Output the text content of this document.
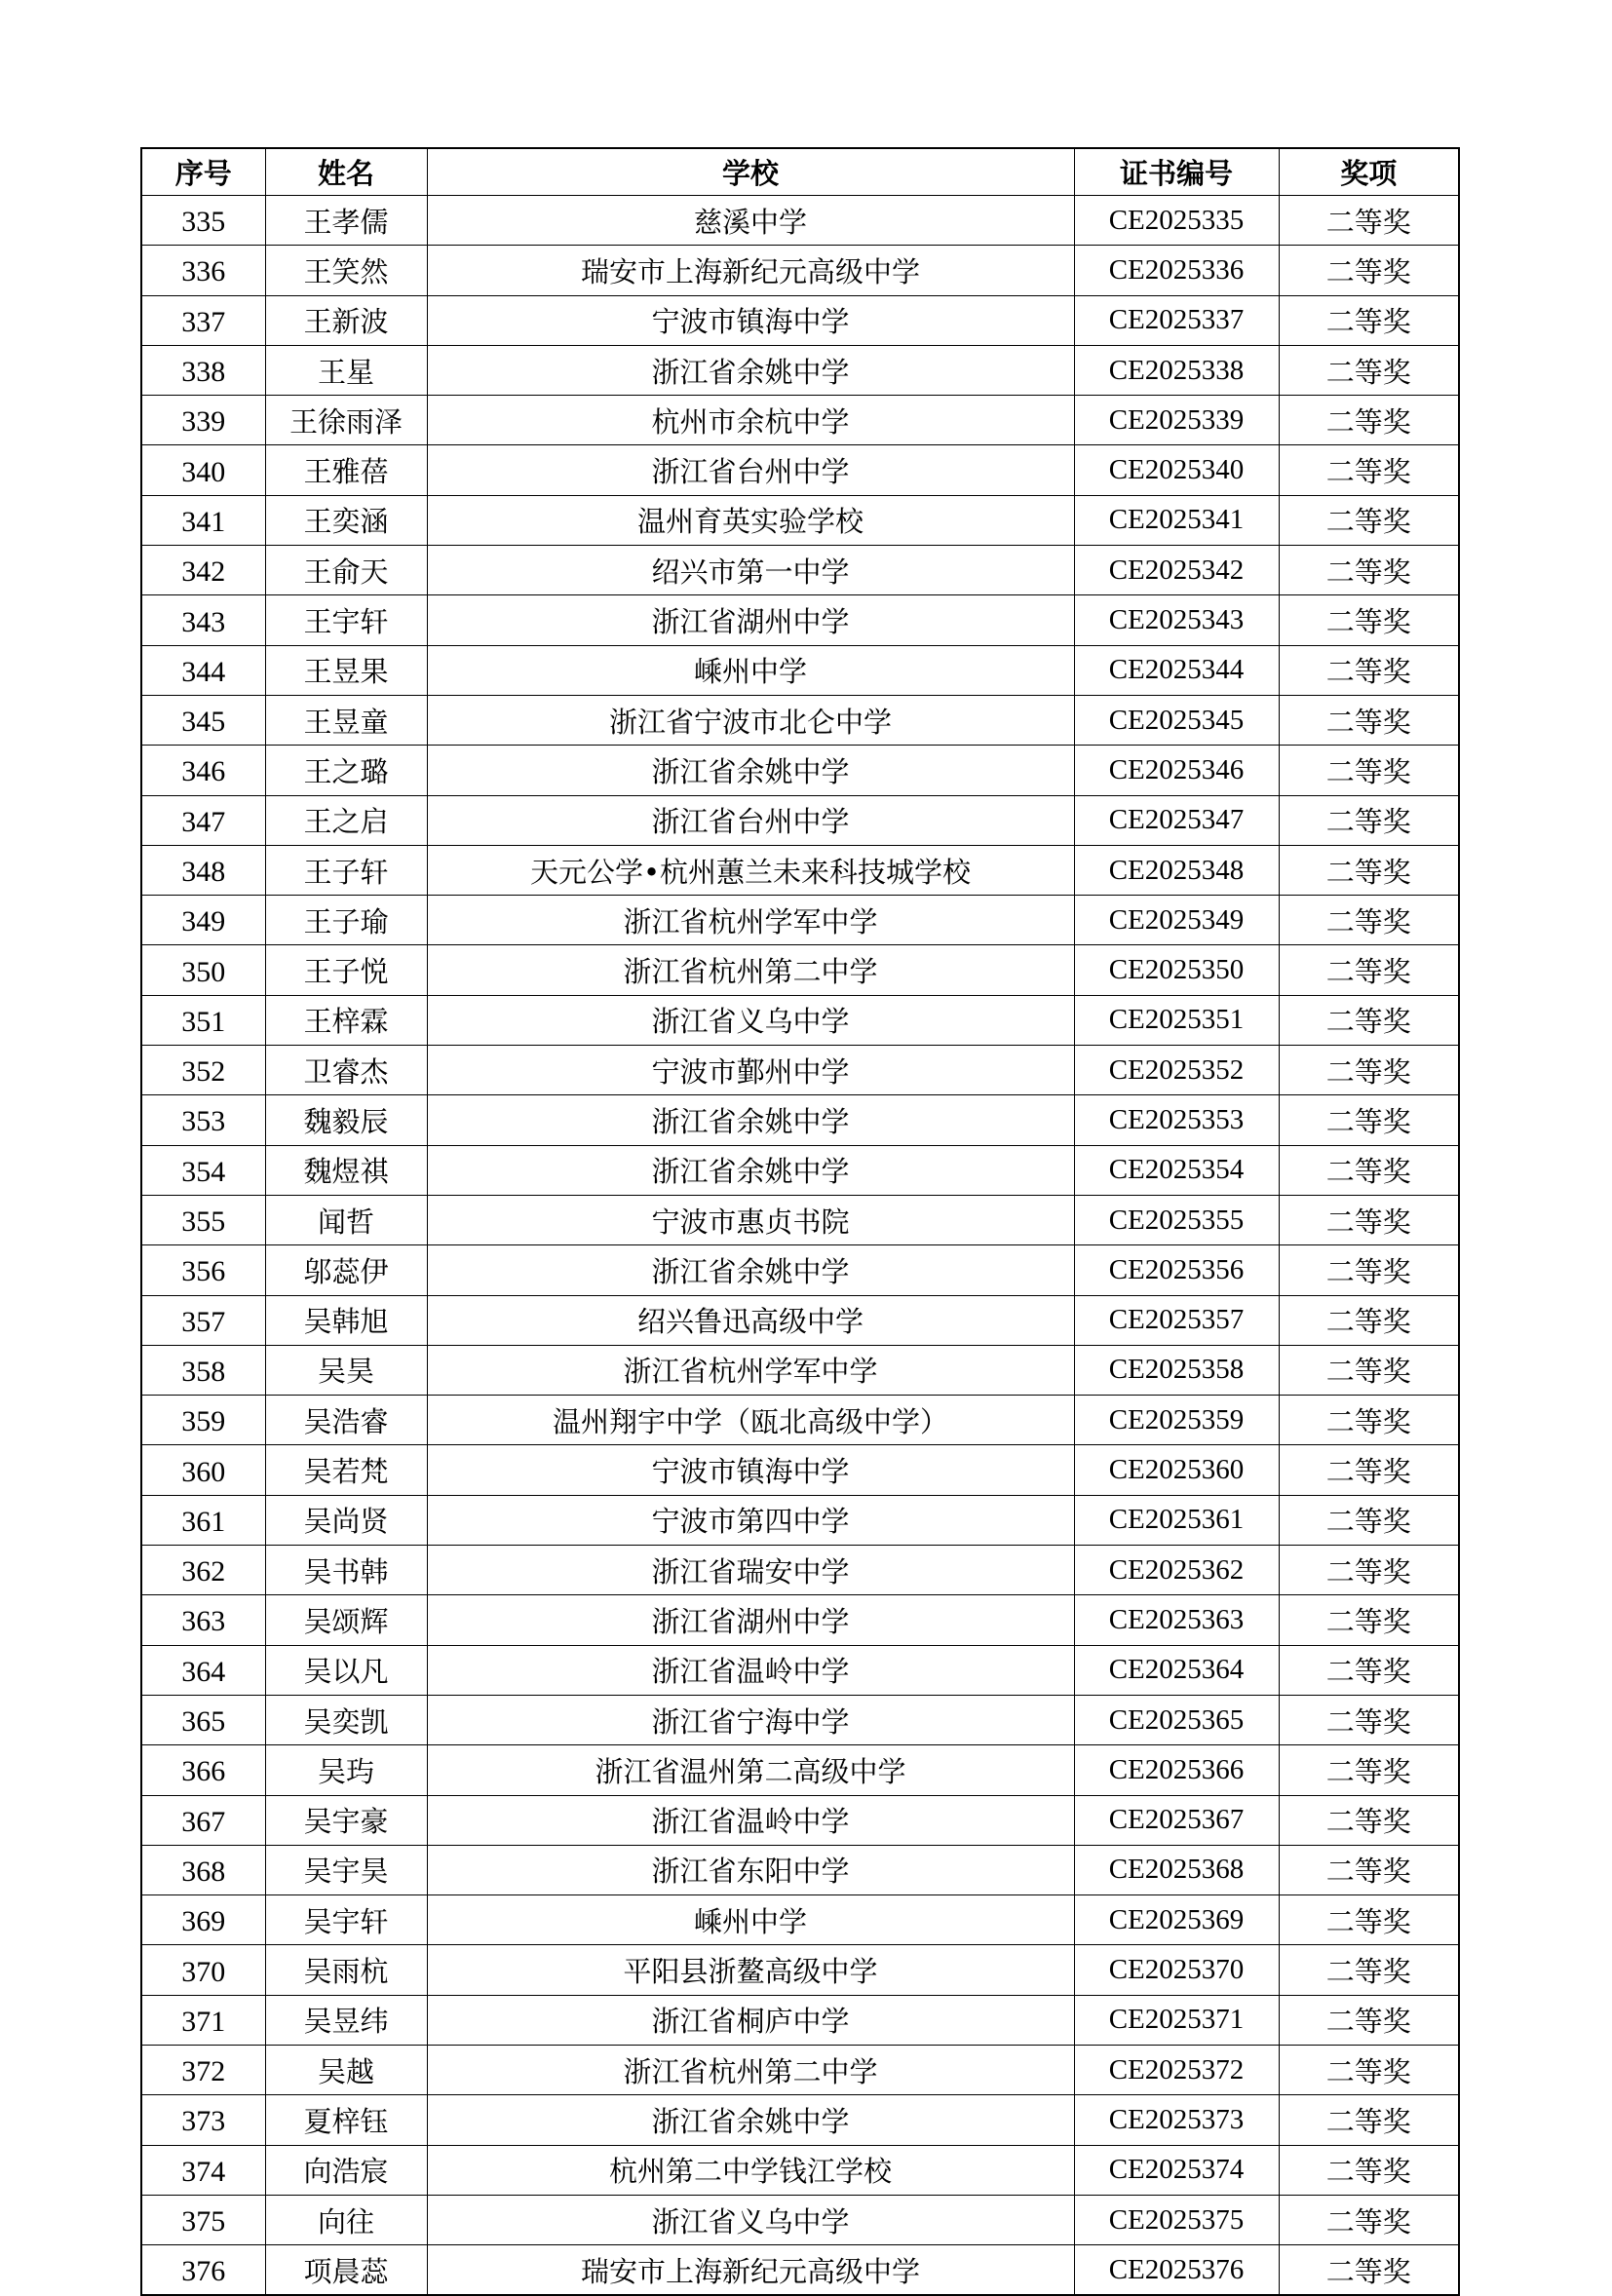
序号	姓名	学校	证书编号	奖项
335	王孝儒	慈溪中学	CE2025335	二等奖
336	王笑然	瑞安市上海新纪元高级中学	CE2025336	二等奖
337	王新波	宁波市镇海中学	CE2025337	二等奖
338	王星	浙江省余姚中学	CE2025338	二等奖
339	王徐雨泽	杭州市余杭中学	CE2025339	二等奖
340	王雅蓓	浙江省台州中学	CE2025340	二等奖
341	王奕涵	温州育英实验学校	CE2025341	二等奖
342	王俞天	绍兴市第一中学	CE2025342	二等奖
343	王宇轩	浙江省湖州中学	CE2025343	二等奖
344	王昱果	嵊州中学	CE2025344	二等奖
345	王昱童	浙江省宁波市北仑中学	CE2025345	二等奖
346	王之璐	浙江省余姚中学	CE2025346	二等奖
347	王之启	浙江省台州中学	CE2025347	二等奖
348	王子轩	天元公学•杭州蕙兰未来科技城学校	CE2025348	二等奖
349	王子瑜	浙江省杭州学军中学	CE2025349	二等奖
350	王子悦	浙江省杭州第二中学	CE2025350	二等奖
351	王梓霖	浙江省义乌中学	CE2025351	二等奖
352	卫睿杰	宁波市鄞州中学	CE2025352	二等奖
353	魏毅辰	浙江省余姚中学	CE2025353	二等奖
354	魏煜祺	浙江省余姚中学	CE2025354	二等奖
355	闻哲	宁波市惠贞书院	CE2025355	二等奖
356	邬蕊伊	浙江省余姚中学	CE2025356	二等奖
357	吴韩旭	绍兴鲁迅高级中学	CE2025357	二等奖
358	吴昊	浙江省杭州学军中学	CE2025358	二等奖
359	吴浩睿	温州翔宇中学（瓯北高级中学）	CE2025359	二等奖
360	吴若梵	宁波市镇海中学	CE2025360	二等奖
361	吴尚贤	宁波市第四中学	CE2025361	二等奖
362	吴书韩	浙江省瑞安中学	CE2025362	二等奖
363	吴颂辉	浙江省湖州中学	CE2025363	二等奖
364	吴以凡	浙江省温岭中学	CE2025364	二等奖
365	吴奕凯	浙江省宁海中学	CE2025365	二等奖
366	吴玙	浙江省温州第二高级中学	CE2025366	二等奖
367	吴宇豪	浙江省温岭中学	CE2025367	二等奖
368	吴宇昊	浙江省东阳中学	CE2025368	二等奖
369	吴宇轩	嵊州中学	CE2025369	二等奖
370	吴雨杭	平阳县浙鳌高级中学	CE2025370	二等奖
371	吴昱纬	浙江省桐庐中学	CE2025371	二等奖
372	吴越	浙江省杭州第二中学	CE2025372	二等奖
373	夏梓钰	浙江省余姚中学	CE2025373	二等奖
374	向浩宸	杭州第二中学钱江学校	CE2025374	二等奖
375	向往	浙江省义乌中学	CE2025375	二等奖
376	项晨蕊	瑞安市上海新纪元高级中学	CE2025376	二等奖
